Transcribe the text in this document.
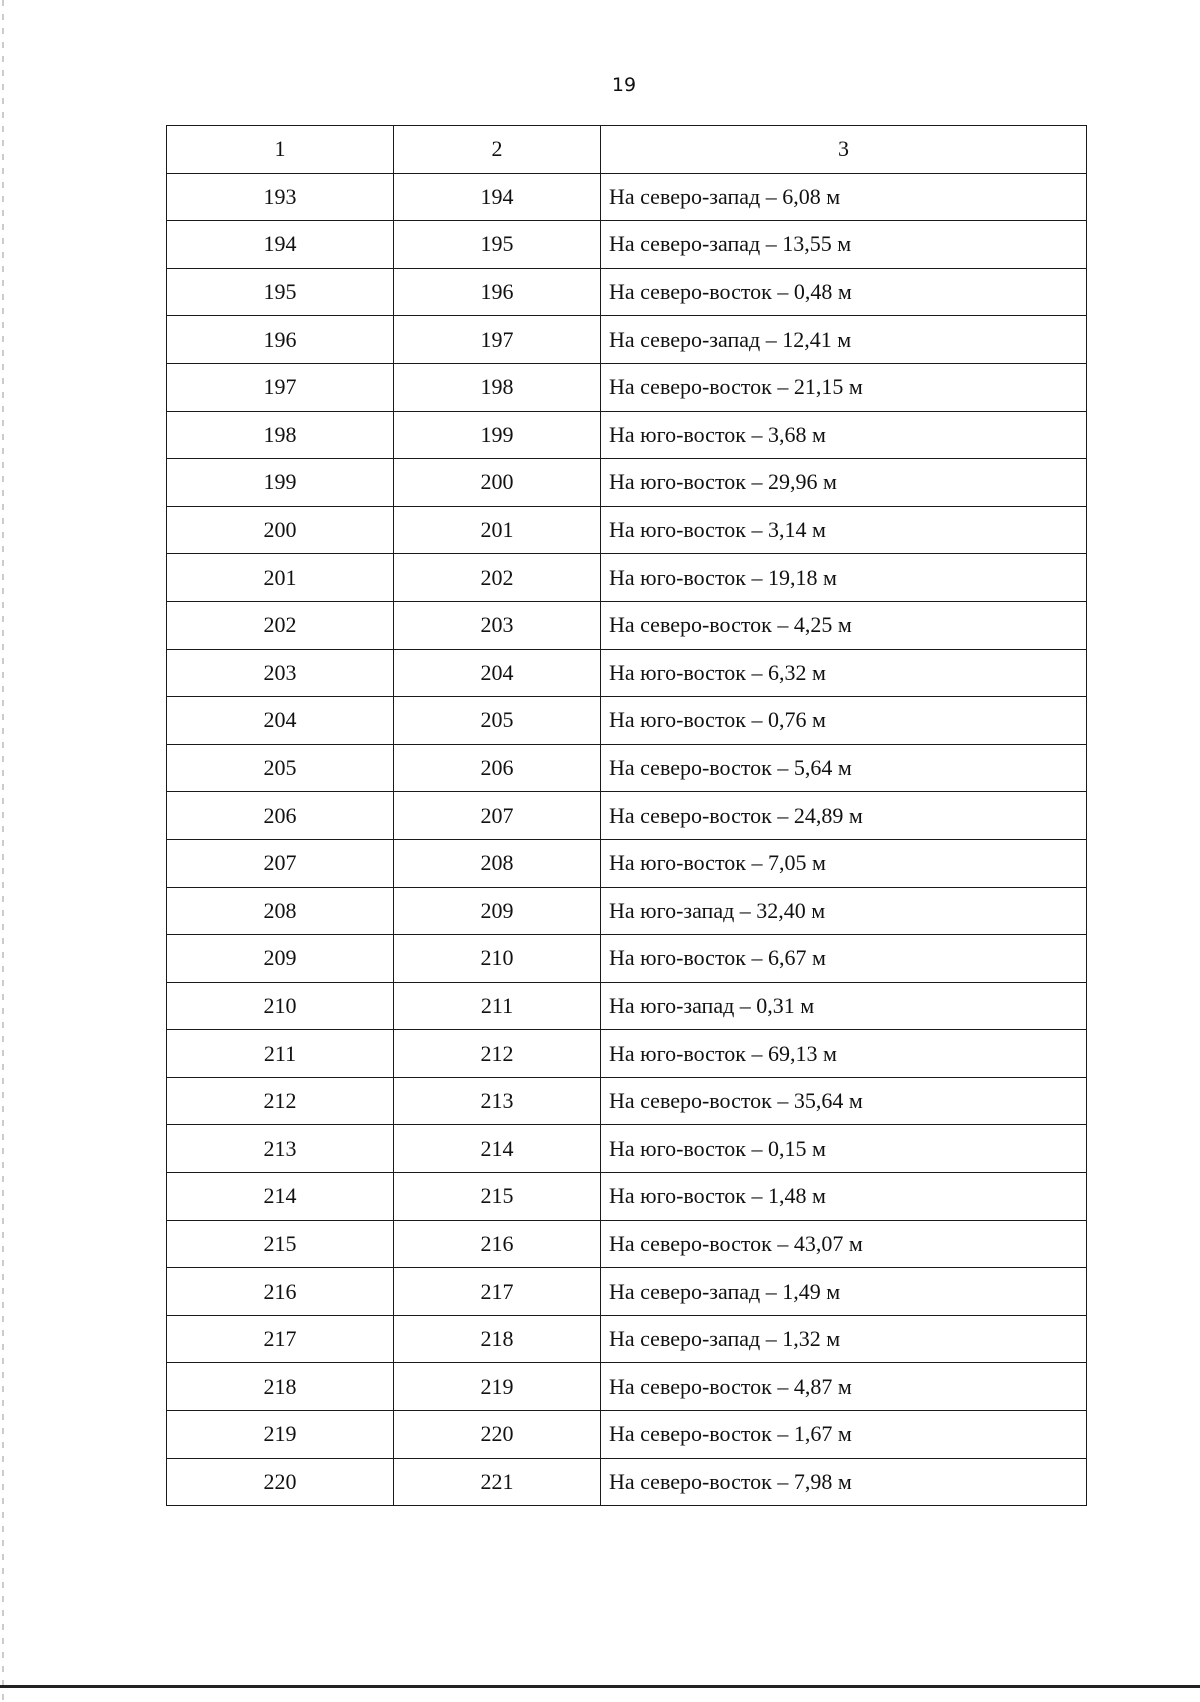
19
1	2	3
193	194	На северо-запад – 6,08 м
194	195	На северо-запад – 13,55 м
195	196	На северо-восток – 0,48 м
196	197	На северо-запад – 12,41 м
197	198	На северо-восток – 21,15 м
198	199	На юго-восток – 3,68 м
199	200	На юго-восток – 29,96 м
200	201	На юго-восток – 3,14 м
201	202	На юго-восток – 19,18 м
202	203	На северо-восток – 4,25 м
203	204	На юго-восток – 6,32 м
204	205	На юго-восток – 0,76 м
205	206	На северо-восток – 5,64 м
206	207	На северо-восток – 24,89 м
207	208	На юго-восток – 7,05 м
208	209	На юго-запад – 32,40 м
209	210	На юго-восток – 6,67 м
210	211	На юго-запад – 0,31 м
211	212	На юго-восток – 69,13 м
212	213	На северо-восток – 35,64 м
213	214	На юго-восток – 0,15 м
214	215	На юго-восток – 1,48 м
215	216	На северо-восток – 43,07 м
216	217	На северо-запад – 1,49 м
217	218	На северо-запад – 1,32 м
218	219	На северо-восток – 4,87 м
219	220	На северо-восток – 1,67 м
220	221	На северо-восток – 7,98 м
